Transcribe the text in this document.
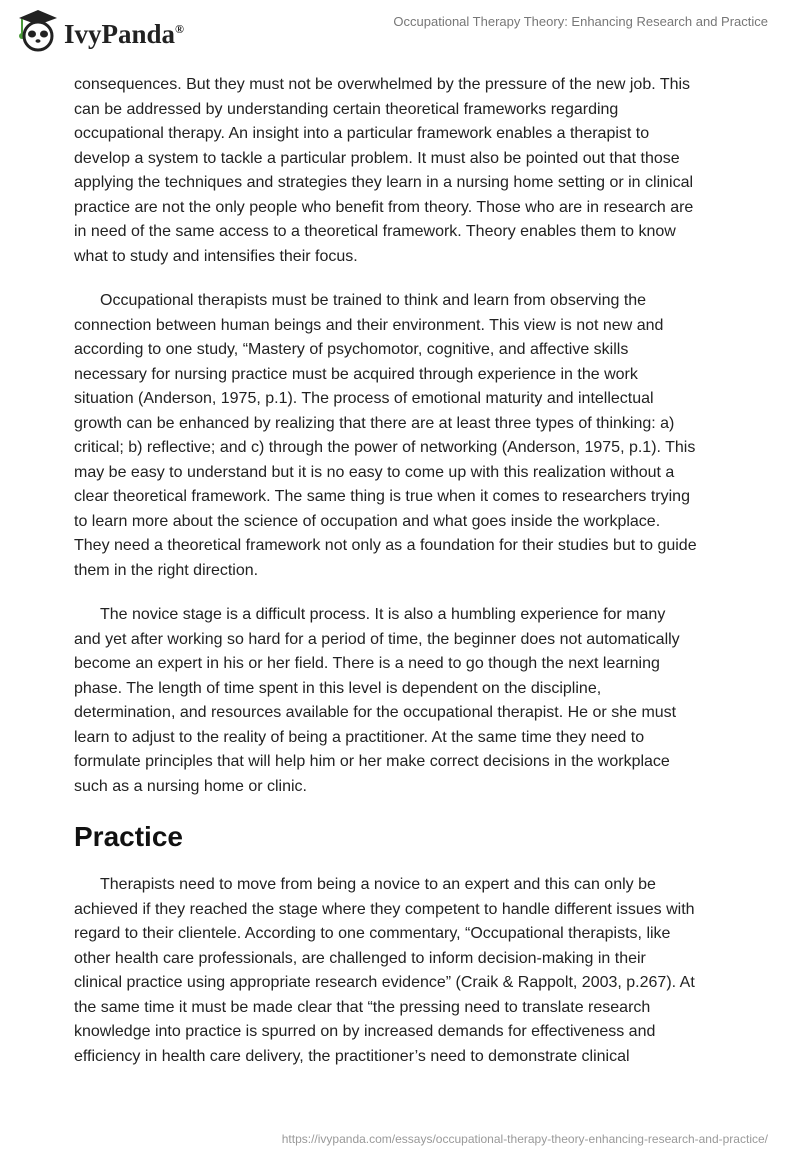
IvyPanda®	Occupational Therapy Theory: Enhancing Research and Practice

consequences. But they must not be overwhelmed by the pressure of the new job. This
can be addressed by understanding certain theoretical frameworks regarding
occupational therapy. An insight into a particular framework enables a therapist to
develop a system to tackle a particular problem. It must also be pointed out that those
applying the techniques and strategies they learn in a nursing home setting or in clinical
practice are not the only people who benefit from theory. Those who are in research are
in need of the same access to a theoretical framework. Theory enables them to know
what to study and intensifies their focus.

Occupational therapists must be trained to think and learn from observing the
connection between human beings and their environment. This view is not new and
according to one study, “Mastery of psychomotor, cognitive, and affective skills
necessary for nursing practice must be acquired through experience in the work
situation (Anderson, 1975, p.1). The process of emotional maturity and intellectual
growth can be enhanced by realizing that there are at least three types of thinking: a)
critical; b) reflective; and c) through the power of networking (Anderson, 1975, p.1). This
may be easy to understand but it is no easy to come up with this realization without a
clear theoretical framework. The same thing is true when it comes to researchers trying
to learn more about the science of occupation and what goes inside the workplace.
They need a theoretical framework not only as a foundation for their studies but to guide
them in the right direction.

The novice stage is a difficult process. It is also a humbling experience for many
and yet after working so hard for a period of time, the beginner does not automatically
become an expert in his or her field. There is a need to go though the next learning
phase. The length of time spent in this level is dependent on the discipline,
determination, and resources available for the occupational therapist. He or she must
learn to adjust to the reality of being a practitioner. At the same time they need to
formulate principles that will help him or her make correct decisions in the workplace
such as a nursing home or clinic.

Practice

Therapists need to move from being a novice to an expert and this can only be
achieved if they reached the stage where they competent to handle different issues with
regard to their clientele. According to one commentary, “Occupational therapists, like
other health care professionals, are challenged to inform decision-making in their
clinical practice using appropriate research evidence” (Craik & Rappolt, 2003, p.267). At
the same time it must be made clear that “the pressing need to translate research
knowledge into practice is spurred on by increased demands for effectiveness and
efficiency in health care delivery, the practitioner’s need to demonstrate clinical

https://ivypanda.com/essays/occupational-therapy-theory-enhancing-research-and-practice/
